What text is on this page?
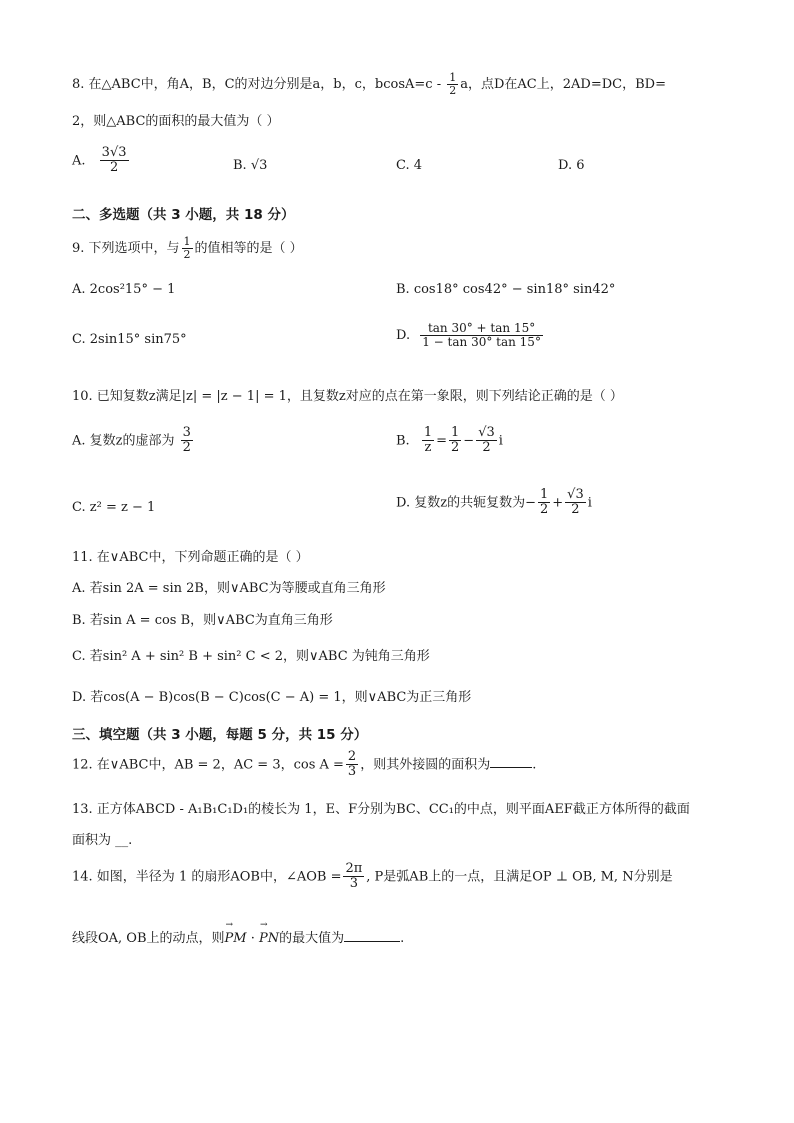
8. 在△ABC中，角A，B，C的对边分别是a，b，c，$bcosA=c - \frac{1}{2}$ a，点D在AC上，2AD=DC，BD=
2，则△ABC的面积的最大值为（ ）
A. $\frac{3√3}{2}$	B. √3	C. 4	D. 6
二、多选题（共 3 小题，共 18 分）
9. 下列选项中，与 $\frac{1}{2}$ 的值相等的是（ ）
A. 2cos²15° − 1	B. cos18° cos42° − sin18° sin42°
C. 2sin15° sin75°	D. $\frac{\tan 30^\circ + \tan 15^\circ}{1 - \tan 30^\circ \tan 15^\circ}$
10. 已知复数z满足|z| = |z − 1| = 1，且复数z对应的点在第一象限，则下列结论正确的是（ ）
A. 复数z的虚部为 $\frac{3}{2}$	B. $\frac{1}{z} = \frac{1}{2} - \frac{√3}{2}$ i
C. z² = z − 1	D. 复数z的共轭复数为− $\frac{1}{2} + \frac{√3}{2}$ i
11. 在∨ABC中，下列命题正确的是（ ）
A. 若sin 2A = sin 2B，则∨ABC为等腰或直角三角形
B. 若sin A = cos B，则∨ABC为直角三角形
C. 若sin² A + sin² B + sin² C < 2，则∨ABC 为钝角三角形
D. 若cos(A − B)cos(B − C)cos(C − A) = 1，则∨ABC为正三角形
三、填空题（共 3 小题，每题 5 分，共 15 分）
12. 在∨ABC中，AB = 2，AC = 3，$\cos A = \frac{2}{3}$ ，则其外接圆的面积为	.
13. 正方体ABCD - A₁B₁C₁D₁的棱长为 1，E、F分别为BC、CC₁的中点，则平面AEF截正方体所得的截面
面积为 __.
14. 如图，半径为 1 的扇形AOB中，∠AOB = $\frac{2\pi}{3}$ , P是弧AB上的一点，且满足OP ⊥ OB, M, N分别是
线段OA, OB上的动点，则→ PM · → PN的最大值为	.
